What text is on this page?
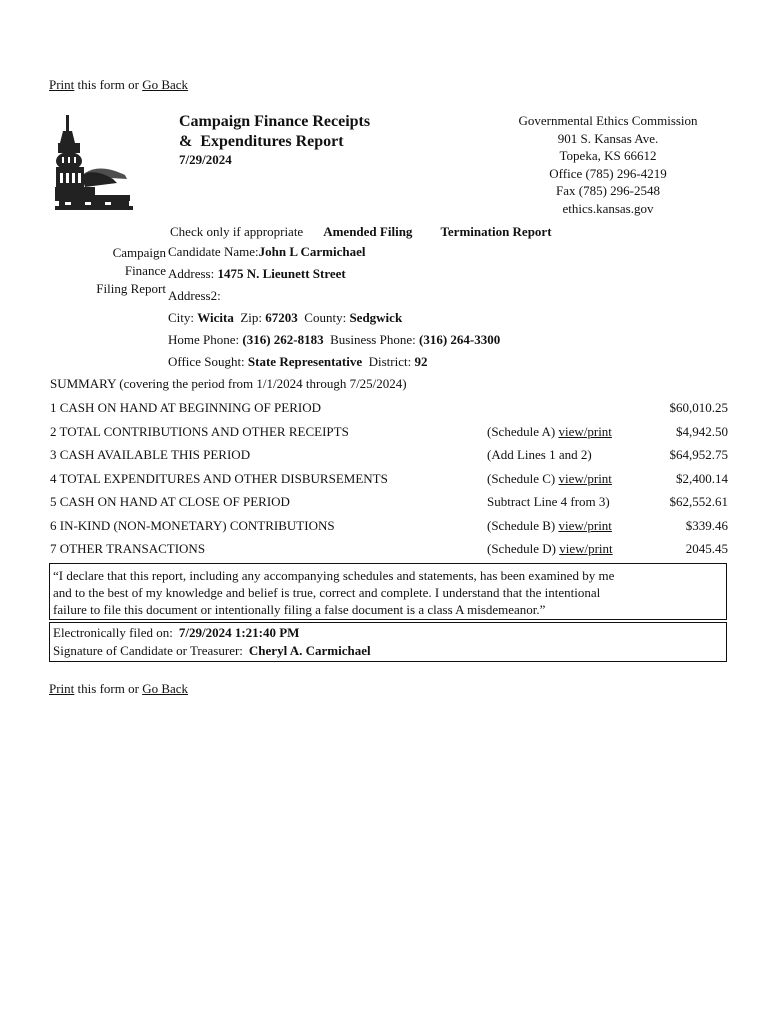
Print this form or Go Back
Campaign Finance Receipts
& Expenditures Report
7/29/2024
Governmental Ethics Commission
901 S. Kansas Ave.
Topeka, KS 66612
Office (785) 296-4219
Fax (785) 296-2548
ethics.kansas.gov
Check only if appropriate Amended Filing Termination Report
Campaign
Finance
Filing Report
Candidate Name:John L Carmichael
Address: 1475 N. Lieunett Street
Address2:
City: Wicita Zip: 67203 County: Sedgwick
Home Phone: (316) 262-8183 Business Phone: (316) 264-3300
Office Sought: State Representative District: 92
SUMMARY (covering the period from 1/1/2024 through 7/25/2024)
1 CASH ON HAND AT BEGINNING OF PERIOD	$60,010.25
2 TOTAL CONTRIBUTIONS AND OTHER RECEIPTS	(Schedule A) view/print	$4,942.50
3 CASH AVAILABLE THIS PERIOD	(Add Lines 1 and 2)	$64,952.75
4 TOTAL EXPENDITURES AND OTHER DISBURSEMENTS	(Schedule C) view/print	$2,400.14
5 CASH ON HAND AT CLOSE OF PERIOD	Subtract Line 4 from 3)	$62,552.61
6 IN-KIND (NON-MONETARY) CONTRIBUTIONS	(Schedule B) view/print	$339.46
7 OTHER TRANSACTIONS	(Schedule D) view/print	2045.45
“I declare that this report, including any accompanying schedules and statements, has been examined by me
and to the best of my knowledge and belief is true, correct and complete. I understand that the intentional
failure to file this document or intentionally filing a false document is a class A misdemeanor.”
Electronically filed on: 7/29/2024 1:21:40 PM
Signature of Candidate or Treasurer: Cheryl A. Carmichael
Print this form or Go Back
